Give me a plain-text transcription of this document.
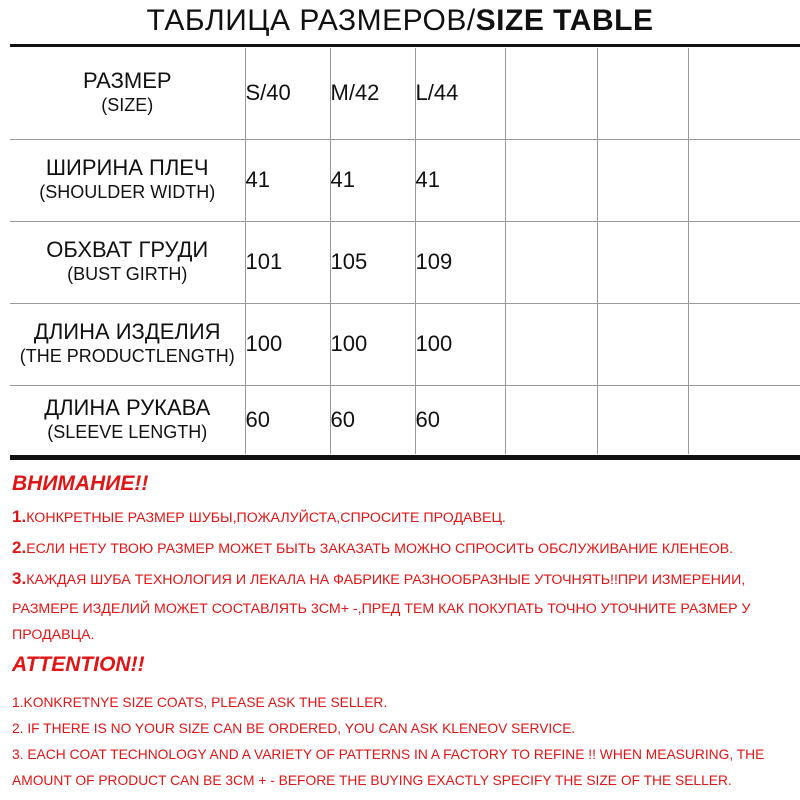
ТАБЛИЦА РАЗМЕРОВ/SIZE TABLE
РАЗМЕР
(SIZE)	S/40	M/42	L/44			

ШИРИНА ПЛЕЧ
(SHOULDER WIDTH)	41	41	41			

ОБХВАТ ГРУДИ
(BUST GIRTH)	101	105	109			

ДЛИНА ИЗДЕЛИЯ
(THE PRODUCTLENGTH)	100	100	100			

ДЛИНА РУКАВА
(SLEEVE LENGTH)	60	60	60			
ВНИМАНИЕ!!
1.КОНКРЕТНЫЕ РАЗМЕР ШУБЫ,ПОЖАЛУЙСТА,СПРОСИТЕ ПРОДАВЕЦ.
2.ЕСЛИ НЕТУ ТВОЮ РАЗМЕР МОЖЕТ БЫТЬ ЗАКАЗАТЬ МОЖНО СПРОСИТЬ ОБСЛУЖИВАНИЕ КЛЕНЕОВ.
3.КАЖДАЯ ШУБА ТЕХНОЛОГИЯ И ЛЕКАЛА НА ФАБРИКЕ РАЗНООБРАЗНЫЕ УТОЧНЯТЬ!!ПРИ ИЗМЕРЕНИИ,
РАЗМЕРЕ ИЗДЕЛИЙ МОЖЕТ СОСТАВЛЯТЬ 3СМ+ -,ПРЕД ТЕМ КАК ПОКУПАТЬ ТОЧНО УТОЧНИТЕ РАЗМЕР У
ПРОДАВЦА.
ATTENTION!!
1.KONKRETNYE SIZE COATS, PLEASE ASK THE SELLER.
2. IF THERE IS NO YOUR SIZE CAN BE ORDERED, YOU CAN ASK KLENEOV SERVICE.
3. EACH COAT TECHNOLOGY AND A VARIETY OF PATTERNS IN A FACTORY TO REFINE !! WHEN MEASURING, THE
AMOUNT OF PRODUCT CAN BE 3CM + - BEFORE THE BUYING EXACTLY SPECIFY THE SIZE OF THE SELLER.
